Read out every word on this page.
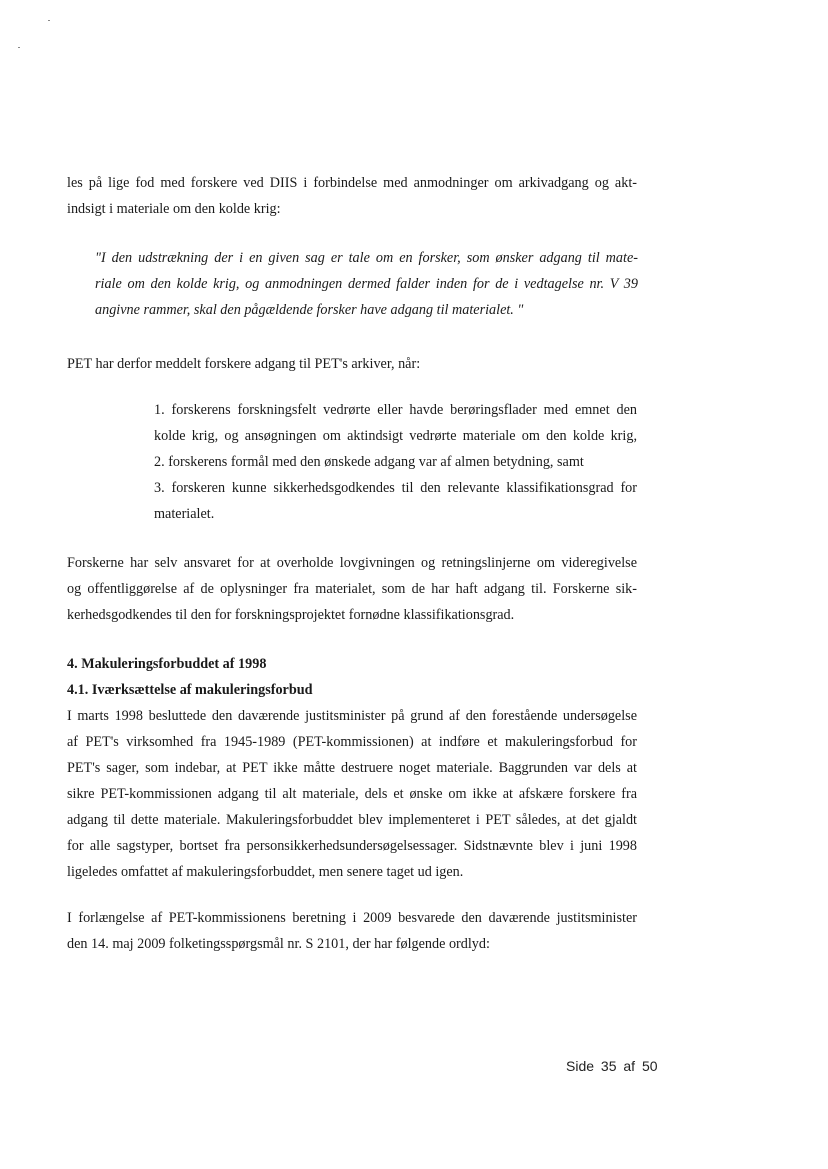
les på lige fod med forskere ved DIIS i forbindelse med anmodninger om arkivadgang og akt-
indsigt i materiale om den kolde krig:
"I den udstrækning der i en given sag er tale om en forsker, som ønsker adgang til mate-
riale om den kolde krig, og anmodningen dermed falder inden for de i vedtagelse nr. V 39
angivne rammer, skal den pågældende forsker have adgang til materialet. "
PET har derfor meddelt forskere adgang til PET's arkiver, når:
1. forskerens forskningsfelt vedrørte eller havde berøringsflader med emnet den
kolde krig, og ansøgningen om aktindsigt vedrørte materiale om den kolde krig,
2. forskerens formål med den ønskede adgang var af almen betydning, samt
3. forskeren kunne sikkerhedsgodkendes til den relevante klassifikationsgrad for
materialet.
Forskerne har selv ansvaret for at overholde lovgivningen og retningslinjerne om videregivelse
og offentliggørelse af de oplysninger fra materialet, som de har haft adgang til. Forskerne sik-
kerhedsgodkendes til den for forskningsprojektet fornødne klassifikationsgrad.
4. Makuleringsforbuddet af 1998
4.1. Iværksættelse af makuleringsforbud
I marts 1998 besluttede den daværende justitsminister på grund af den forestående undersøgelse
af PET's virksomhed fra 1945-1989 (PET-kommissionen) at indføre et makuleringsforbud for
PET's sager, som indebar, at PET ikke måtte destruere noget materiale. Baggrunden var dels at
sikre PET-kommissionen adgang til alt materiale, dels et ønske om ikke at afskære forskere fra
adgang til dette materiale. Makuleringsforbuddet blev implementeret i PET således, at det gjaldt
for alle sagstyper, bortset fra personsikkerhedsundersøgelsessager. Sidstnævnte blev i juni 1998
ligeledes omfattet af makuleringsforbuddet, men senere taget ud igen.
I forlængelse af PET-kommissionens beretning i 2009 besvarede den daværende justitsminister
den 14. maj 2009 folketingsspørgsmål nr. S 2101, der har følgende ordlyd:
Side 35 af 50
